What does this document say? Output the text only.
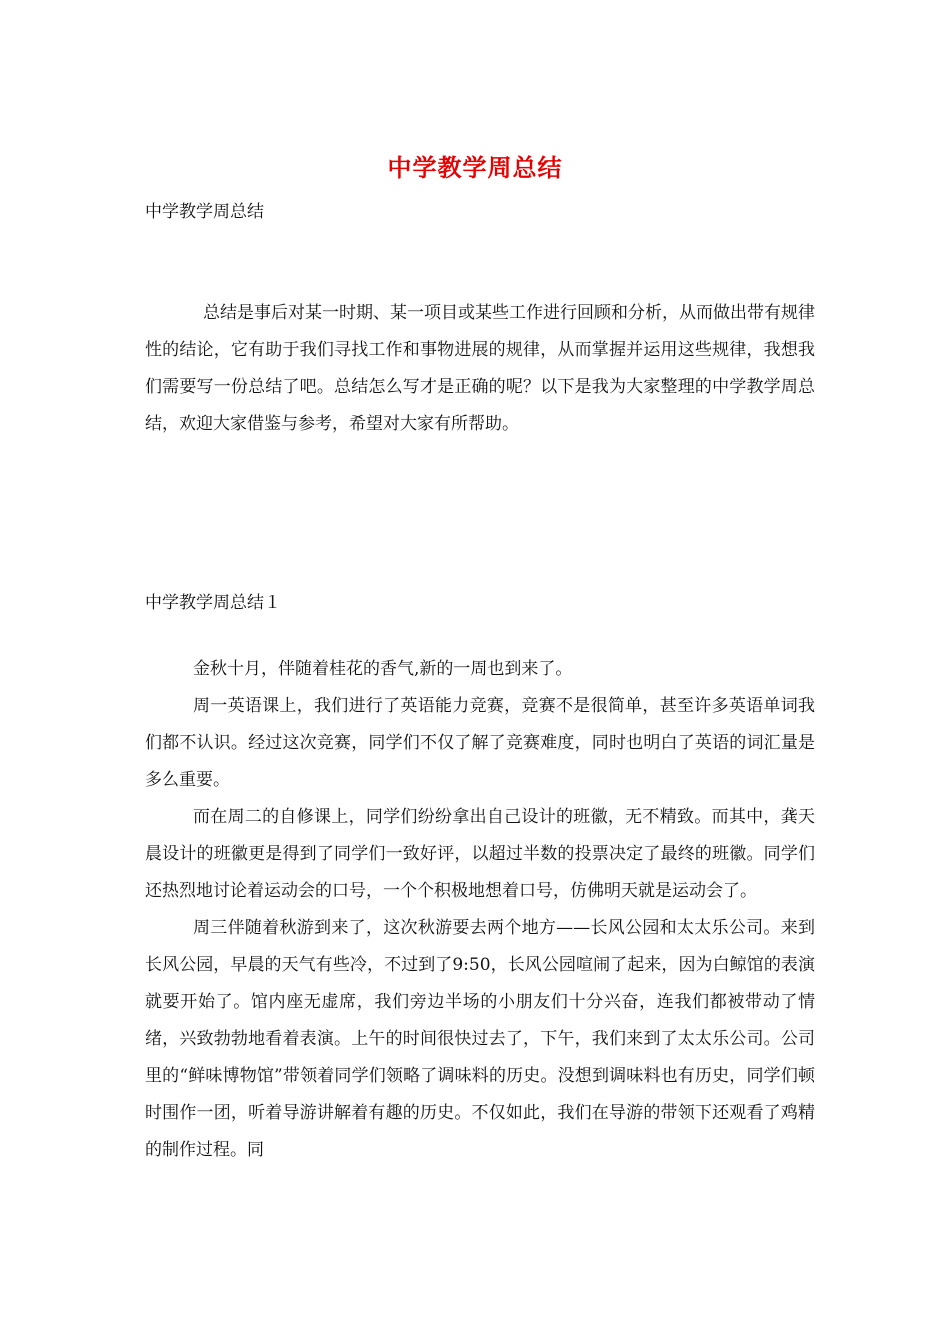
中学教学周总结
中学教学周总结

总结是事后对某一时期、某一项目或某些工作进行回顾和分析，从而做出带有规律性的结论，它有助于我们寻找工作和事物进展的规律，从而掌握并运用这些规律，我想我们需要写一份总结了吧。总结怎么写才是正确的呢？以下是我为大家整理的中学教学周总结，欢迎大家借鉴与参考，希望对大家有所帮助。

中学教学周总结１

金秋十月，伴随着桂花的香气,新的一周也到来了。

周一英语课上，我们进行了英语能力竞赛，竞赛不是很简单，甚至许多英语单词我们都不认识。经过这次竞赛，同学们不仅了解了竞赛难度，同时也明白了英语的词汇量是多么重要。

而在周二的自修课上，同学们纷纷拿出自己设计的班徽，无不精致。而其中，龚天晨设计的班徽更是得到了同学们一致好评，以超过半数的投票决定了最终的班徽。同学们还热烈地讨论着运动会的口号，一个个积极地想着口号，仿佛明天就是运动会了。

周三伴随着秋游到来了，这次秋游要去两个地方——长风公园和太太乐公司。来到长风公园，早晨的天气有些冷，不过到了9:50，长风公园喧闹了起来，因为白鲸馆的表演就要开始了。馆内座无虚席，我们旁边半场的小朋友们十分兴奋，连我们都被带动了情绪，兴致勃勃地看着表演。上午的时间很快过去了，下午，我们来到了太太乐公司。公司里的“鲜味博物馆”带领着同学们领略了调味料的历史。没想到调味料也有历史，同学们顿时围作一团，听着导游讲解着有趣的历史。不仅如此，我们在导游的带领下还观看了鸡精的制作过程。同
